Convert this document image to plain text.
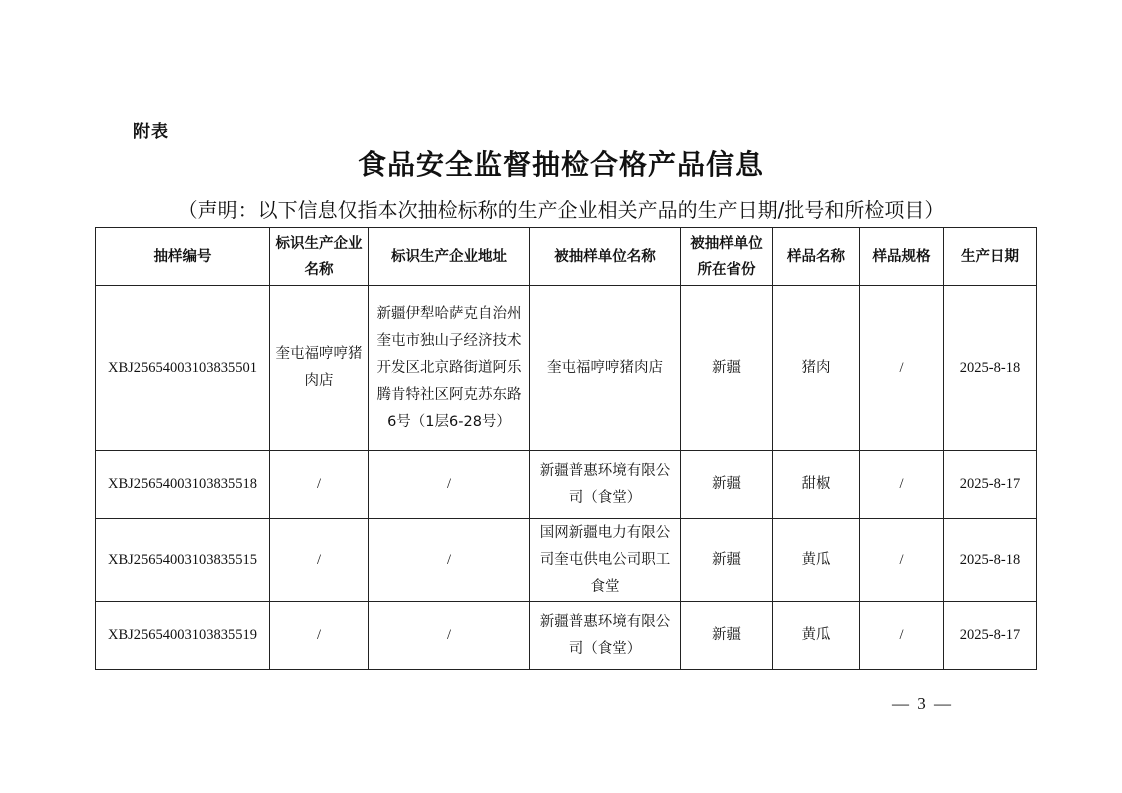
附表
食品安全监督抽检合格产品信息
（声明：以下信息仅指本次抽检标称的生产企业相关产品的生产日期/批号和所检项目）
抽样编号	标识生产企业名称	标识生产企业地址	被抽样单位名称	被抽样单位所在省份	样品名称	样品规格	生产日期
XBJ25654003103835501	奎屯福哼哼猪肉店	新疆伊犁哈萨克自治州奎屯市独山子经济技术开发区北京路街道阿乐腾肯特社区阿克苏东路6号（1层6-28号）	奎屯福哼哼猪肉店	新疆	猪肉	/	2025-8-18
XBJ25654003103835518	/	/	新疆普惠环境有限公司（食堂）	新疆	甜椒	/	2025-8-17
XBJ25654003103835515	/	/	国网新疆电力有限公司奎屯供电公司职工食堂	新疆	黄瓜	/	2025-8-18
XBJ25654003103835519	/	/	新疆普惠环境有限公司（食堂）	新疆	黄瓜	/	2025-8-17
— 3 —
